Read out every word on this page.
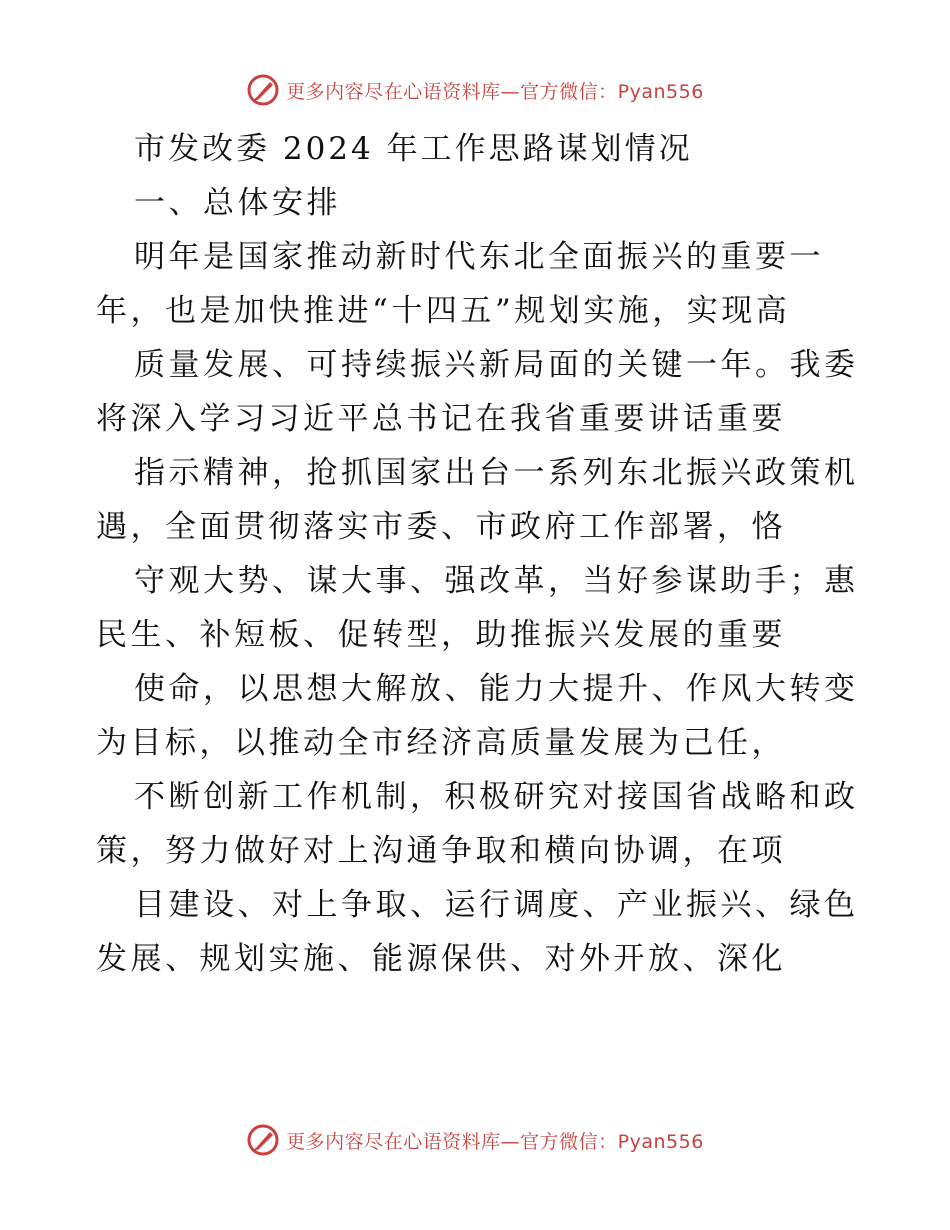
更多内容尽在心语资料库—官方微信：Pyan556
市发改委 2024 年工作思路谋划情况
一、总体安排
明年是国家推动新时代东北全面振兴的重要一
年，也是加快推进“十四五”规划实施，实现高
质量发展、可持续振兴新局面的关键一年。我委
将深入学习习近平总书记在我省重要讲话重要
指示精神，抢抓国家出台一系列东北振兴政策机
遇，全面贯彻落实市委、市政府工作部署，恪
守观大势、谋大事、强改革，当好参谋助手；惠
民生、补短板、促转型，助推振兴发展的重要
使命，以思想大解放、能力大提升、作风大转变
为目标，以推动全市经济高质量发展为己任，
不断创新工作机制，积极研究对接国省战略和政
策，努力做好对上沟通争取和横向协调，在项
目建设、对上争取、运行调度、产业振兴、绿色
发展、规划实施、能源保供、对外开放、深化
更多内容尽在心语资料库—官方微信：Pyan556
